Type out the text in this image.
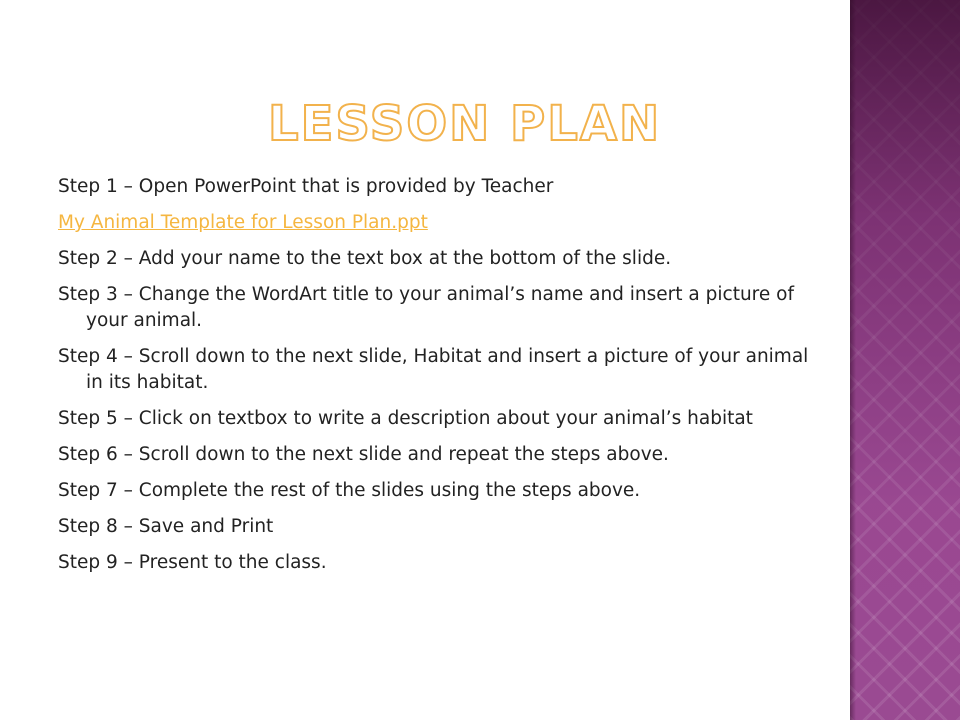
LESSON PLAN
Step 1 – Open PowerPoint that is provided by Teacher
My Animal Template for Lesson Plan.ppt
Step 2 – Add your name to the text box at the bottom of the slide.
Step 3 – Change the WordArt title to your animal’s name and insert a picture of your animal.
Step 4 – Scroll down to the next slide, Habitat and insert a picture of your animal in its habitat.
Step 5 – Click on textbox to write a description about your animal’s habitat
Step 6 – Scroll down to the next slide and repeat the steps above.
Step 7 – Complete the rest of the slides using the steps above.
Step 8 – Save and Print
Step 9 – Present to the class.
